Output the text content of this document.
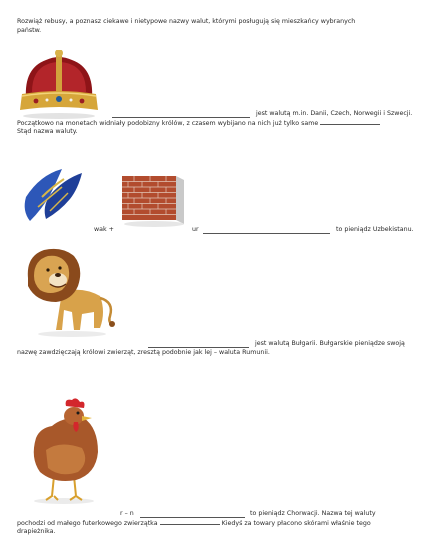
Rozwiąż rebusy, a poznasz ciekawe i nietypowe nazwy walut, którymi posługują się mieszkańcy wybranych
państw.
jest walutą m.in. Danii, Czech, Norwegii i Szwecji.
Początkowo na monetach widniały podobizny królów, z czasem wybijano na nich już tylko same
Stąd nazwa waluty.
wak +	ur	to pieniądz Uzbekistanu.
jest walutą Bułgarii. Bułgarskie pieniądze swoją
nazwę zawdzięczają królowi zwierząt, zresztą podobnie jak lej – waluta Rumunii.
r – n	to pieniądz Chorwacji. Nazwa tej waluty
pochodzi od małego futerkowego zwierzątka	Kiedyś za towary płacono skórami właśnie tego
drapieżnika.
